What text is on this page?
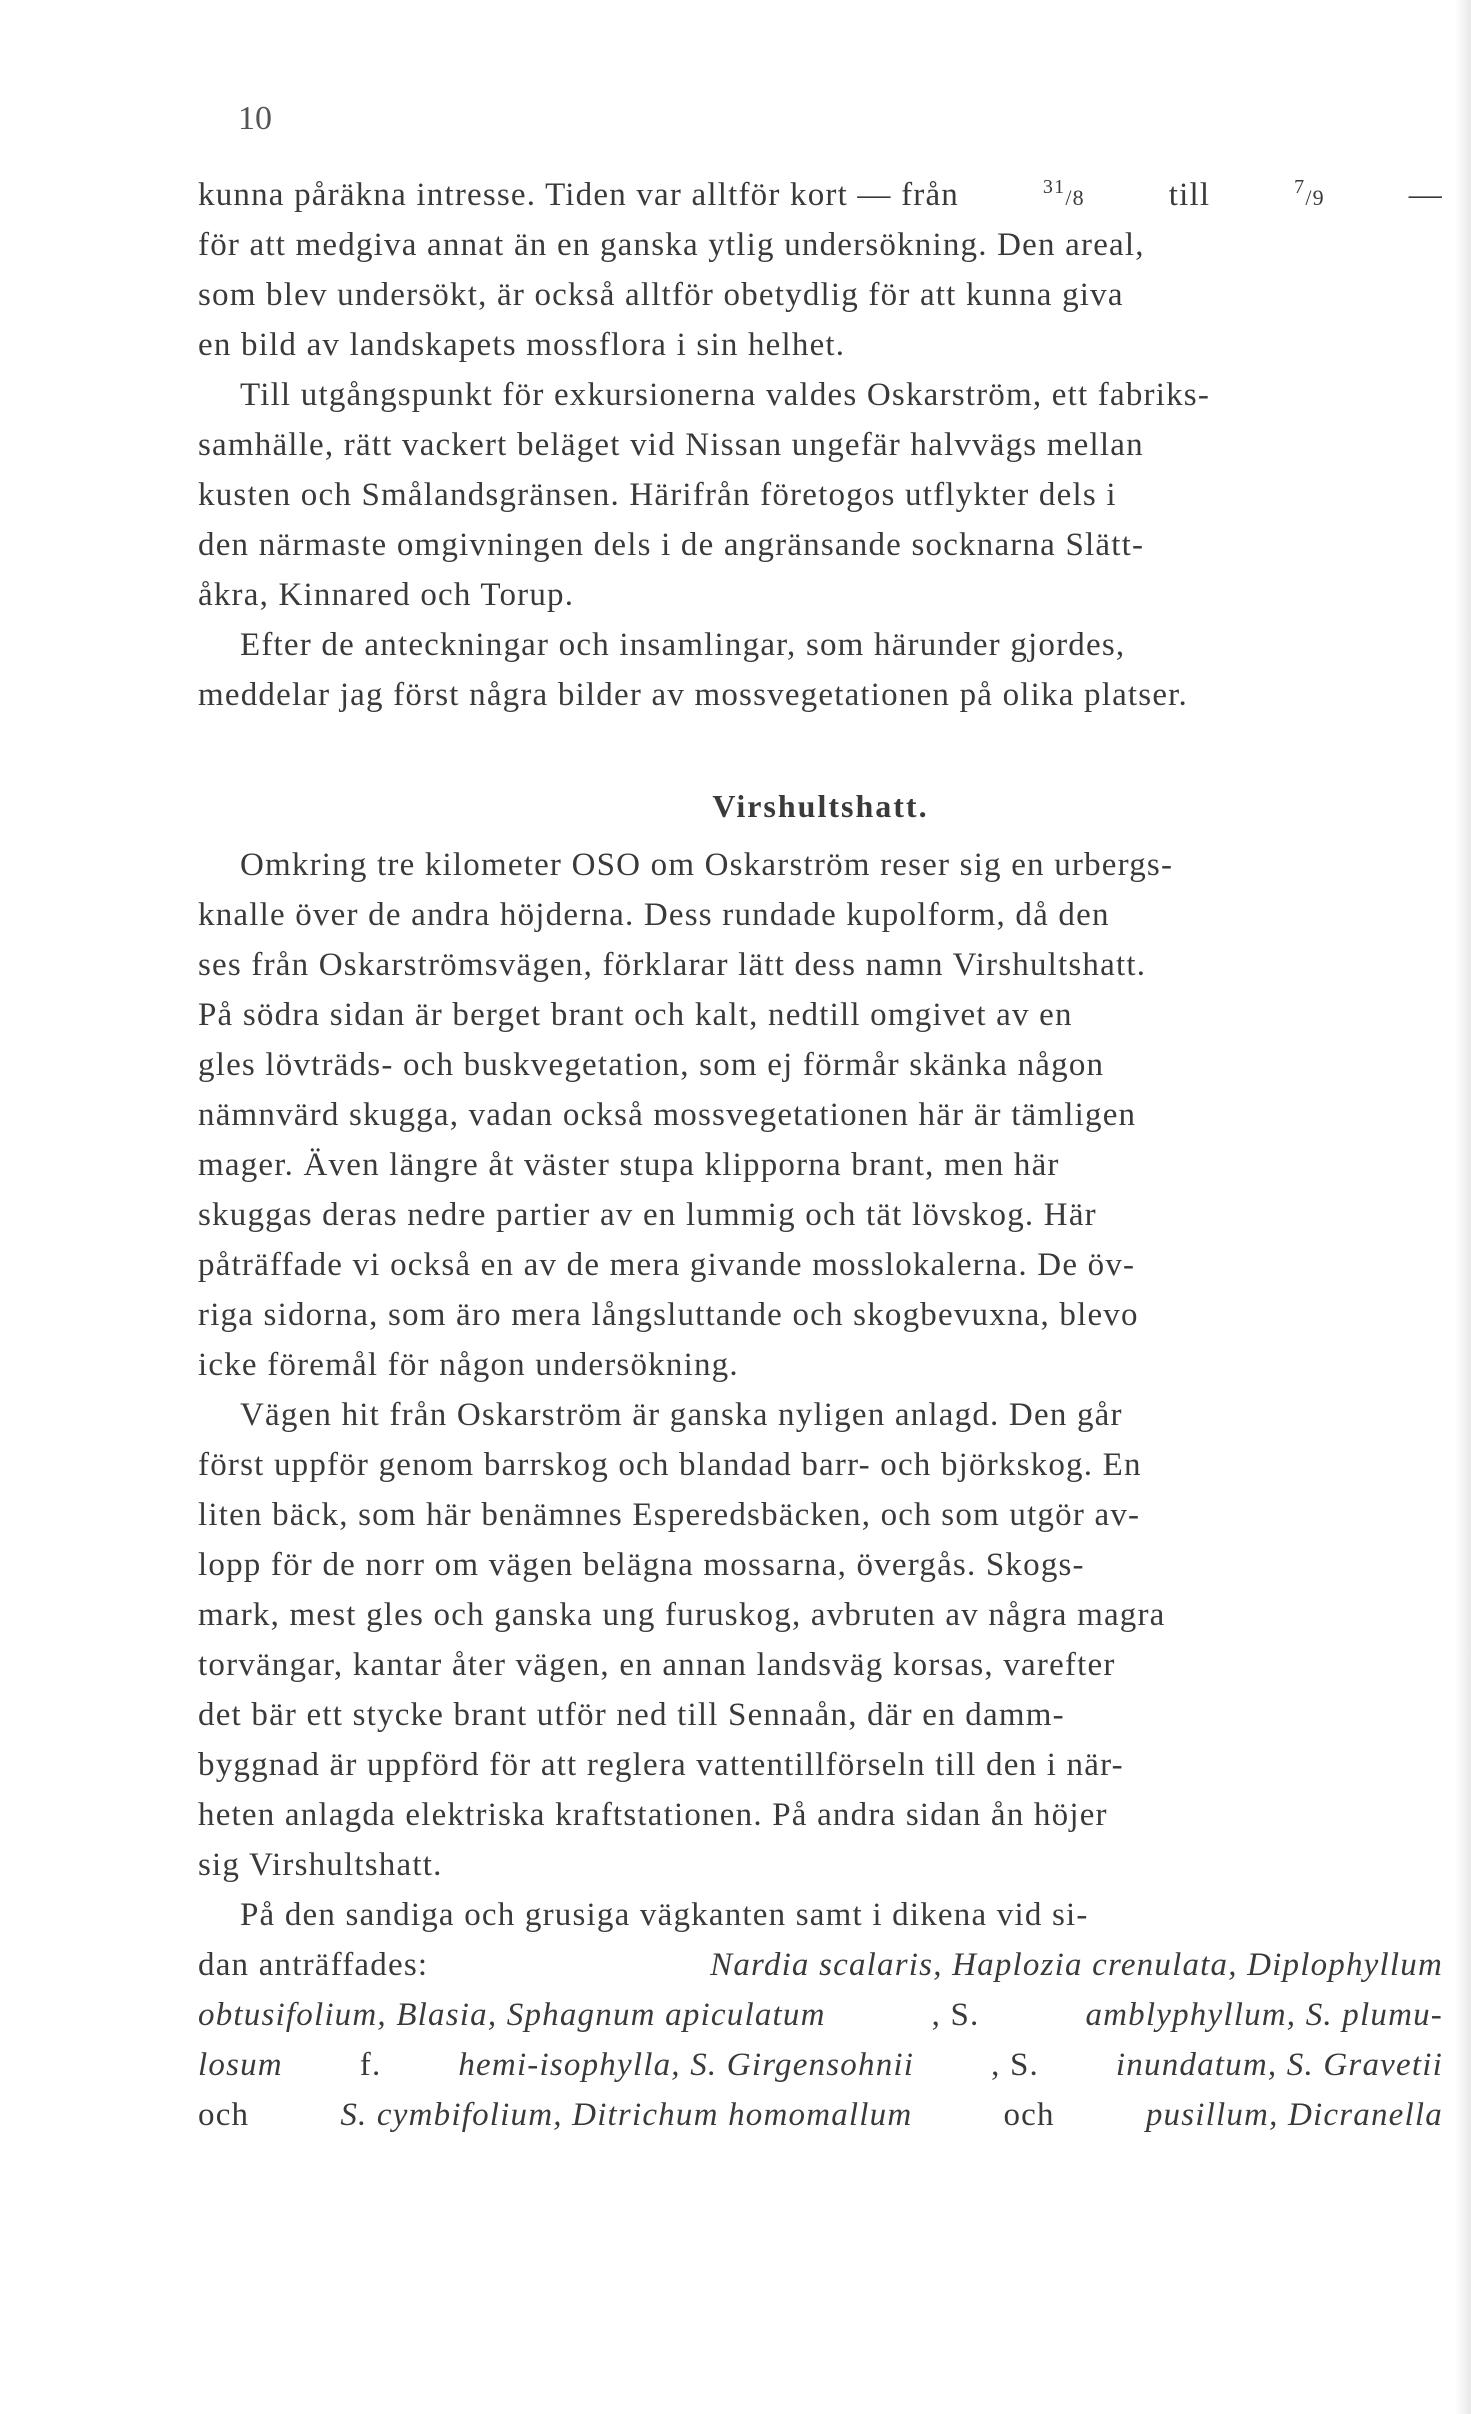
10
kunna påräkna intresse. Tiden var alltför kort — från	31/8	till	7/9	—
för att medgiva annat än en ganska ytlig undersökning. Den areal,
som blev undersökt, är också alltför obetydlig för att kunna giva
en bild av landskapets mossflora i sin helhet.
Till utgångspunkt för exkursionerna valdes Oskarström, ett fabriks-
samhälle, rätt vackert beläget vid Nissan ungefär halvvägs mellan
kusten och Smålandsgränsen. Härifrån företogos utflykter dels i
den närmaste omgivningen dels i de angränsande socknarna Slätt-
åkra, Kinnared och Torup.
Efter de anteckningar och insamlingar, som härunder gjordes,
meddelar jag först några bilder av mossvegetationen på olika platser.
Virshultshatt.
Omkring tre kilometer OSO om Oskarström reser sig en urbergs-
knalle över de andra höjderna. Dess rundade kupolform, då den
ses från Oskarströmsvägen, förklarar lätt dess namn Virshultshatt.
På södra sidan är berget brant och kalt, nedtill omgivet av en
gles lövträds- och buskvegetation, som ej förmår skänka någon
nämnvärd skugga, vadan också mossvegetationen här är tämligen
mager. Även längre åt väster stupa klipporna brant, men här
skuggas deras nedre partier av en lummig och tät lövskog. Här
påträffade vi också en av de mera givande mosslokalerna. De öv-
riga sidorna, som äro mera långsluttande och skogbevuxna, blevo
icke föremål för någon undersökning.
Vägen hit från Oskarström är ganska nyligen anlagd. Den går
först uppför genom barrskog och blandad barr- och björkskog. En
liten bäck, som här benämnes Esperedsbäcken, och som utgör av-
lopp för de norr om vägen belägna mossarna, övergås. Skogs-
mark, mest gles och ganska ung furuskog, avbruten av några magra
torvängar, kantar åter vägen, en annan landsväg korsas, varefter
det bär ett stycke brant utför ned till Sennaån, där en damm-
byggnad är uppförd för att reglera vattentillförseln till den i när-
heten anlagda elektriska kraftstationen. På andra sidan ån höjer
sig Virshultshatt.
På den sandiga och grusiga vägkanten samt i dikena vid si-
dan anträffades:	Nardia scalaris, Haplozia crenulata, Diplophyllum
obtusifolium, Blasia, Sphagnum apiculatum	, S.	amblyphyllum, S. plumu-
losum f. hemi-isophylla, S. Girgensohnii , S. inundatum, S. Gravetii
och	S. cymbifolium, Ditrichum homomallum	och	pusillum, Dicranella
